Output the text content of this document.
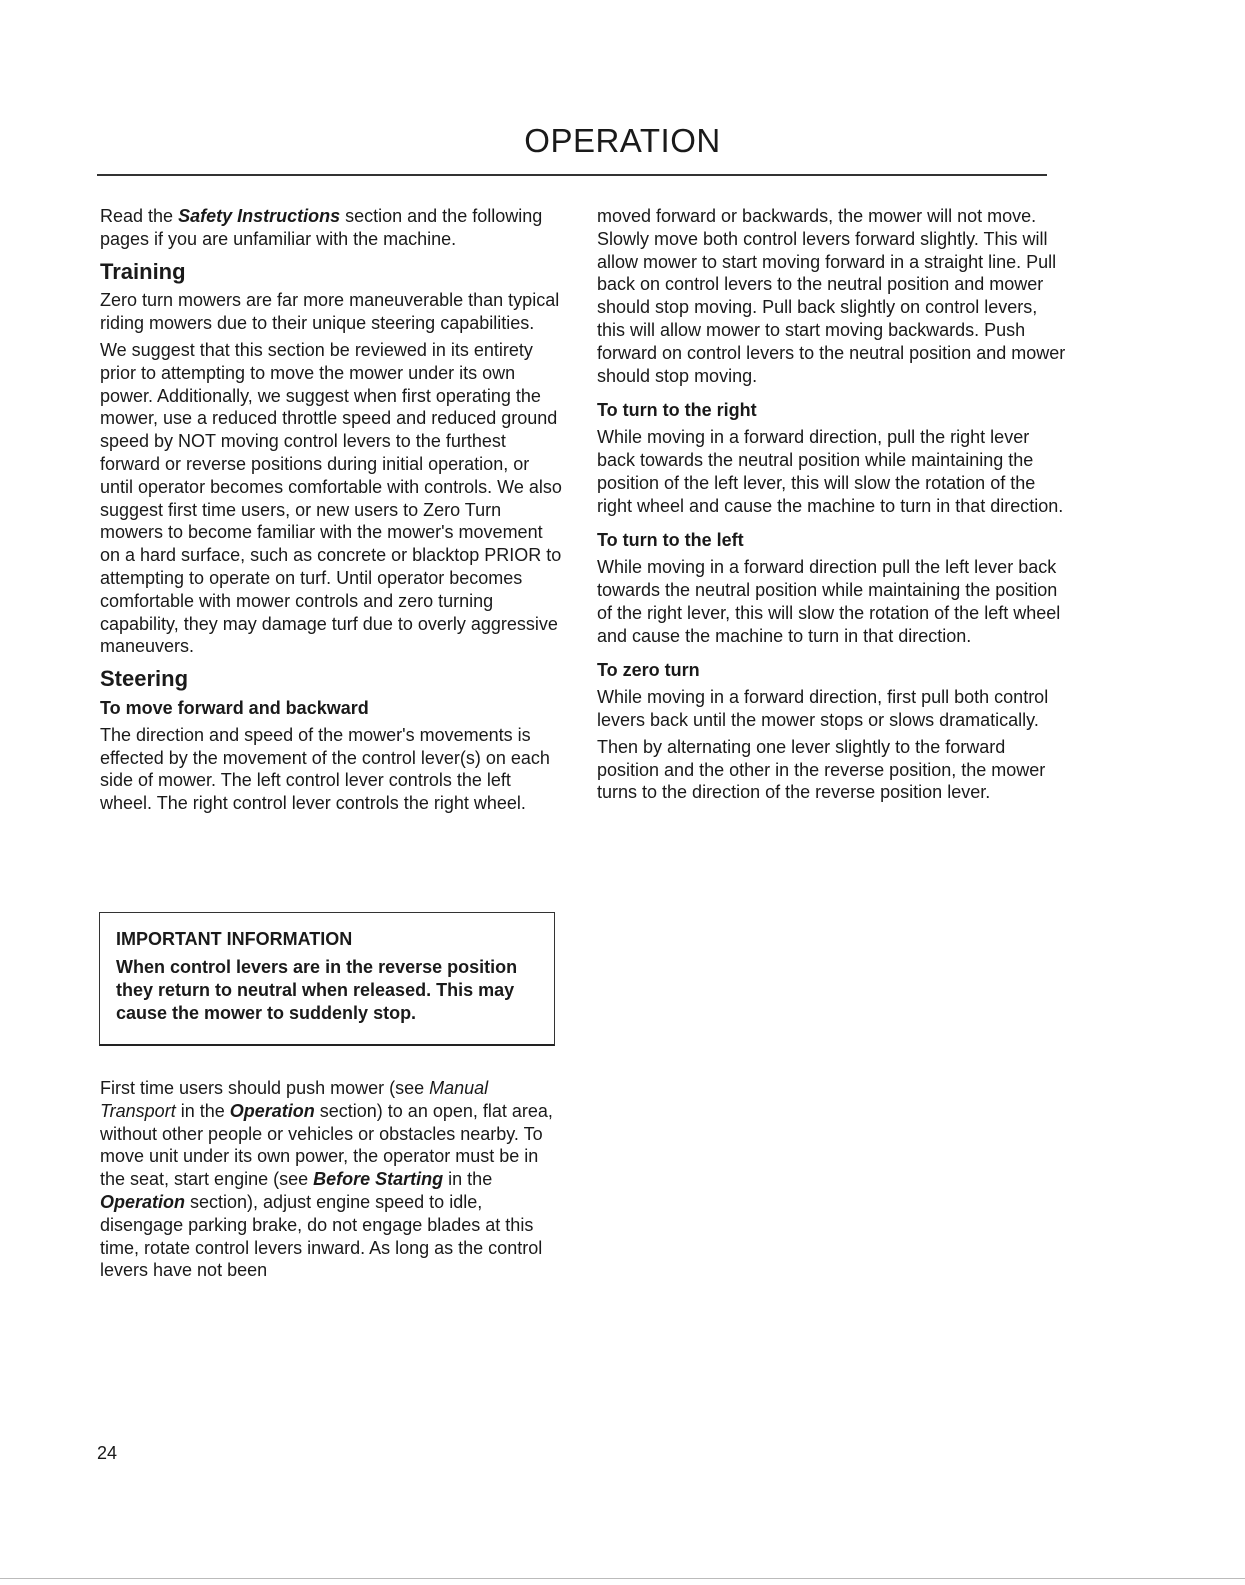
OPERATION

Read the Safety Instructions section and the following pages if you are unfamiliar with the machine.

Training

Zero turn mowers are far more maneuverable than typical riding mowers due to their unique steering capabilities.

We suggest that this section be reviewed in its entirety prior to attempting to move the mower under its own power. Additionally, we suggest when first operating the mower, use a reduced throttle speed and reduced ground speed by NOT moving control levers to the furthest forward or reverse positions during initial operation, or until operator becomes comfortable with controls. We also suggest first time users, or new users to Zero Turn mowers to become familiar with the mower's movement on a hard surface, such as concrete or blacktop PRIOR to attempting to operate on turf. Until operator becomes comfortable with mower controls and zero turning capability, they may damage turf due to overly aggressive maneuvers.

Steering
To move forward and backward

The direction and speed of the mower's movements is effected by the movement of the control lever(s) on each side of mower. The left control lever controls the left wheel. The right control lever controls the right wheel.

IMPORTANT INFORMATION

When control levers are in the reverse position they return to neutral when released. This may cause the mower to suddenly stop.

First time users should push mower (see Manual Transport in the Operation section) to an open, flat area, without other people or vehicles or obstacles nearby. To move unit under its own power, the operator must be in the seat, start engine (see Before Starting in the Operation section), adjust engine speed to idle, disengage parking brake, do not engage blades at this time, rotate control levers inward. As long as the control levers have not been

moved forward or backwards, the mower will not move. Slowly move both control levers forward slightly. This will allow mower to start moving forward in a straight line. Pull back on control levers to the neutral position and mower should stop moving. Pull back slightly on control levers, this will allow mower to start moving backwards. Push forward on control levers to the neutral position and mower should stop moving.

To turn to the right

While moving in a forward direction, pull the right lever back towards the neutral position while maintaining the position of the left lever, this will slow the rotation of the right wheel and cause the machine to turn in that direction.

To turn to the left

While moving in a forward direction pull the left lever back towards the neutral position while maintaining the position of the right lever, this will slow the rotation of the left wheel and cause the machine to turn in that direction.

To zero turn

While moving in a forward direction, first pull both control levers back until the mower stops or slows dramatically.

Then by alternating one lever slightly to the forward position and the other in the reverse position, the mower turns to the direction of the reverse position lever.

24
